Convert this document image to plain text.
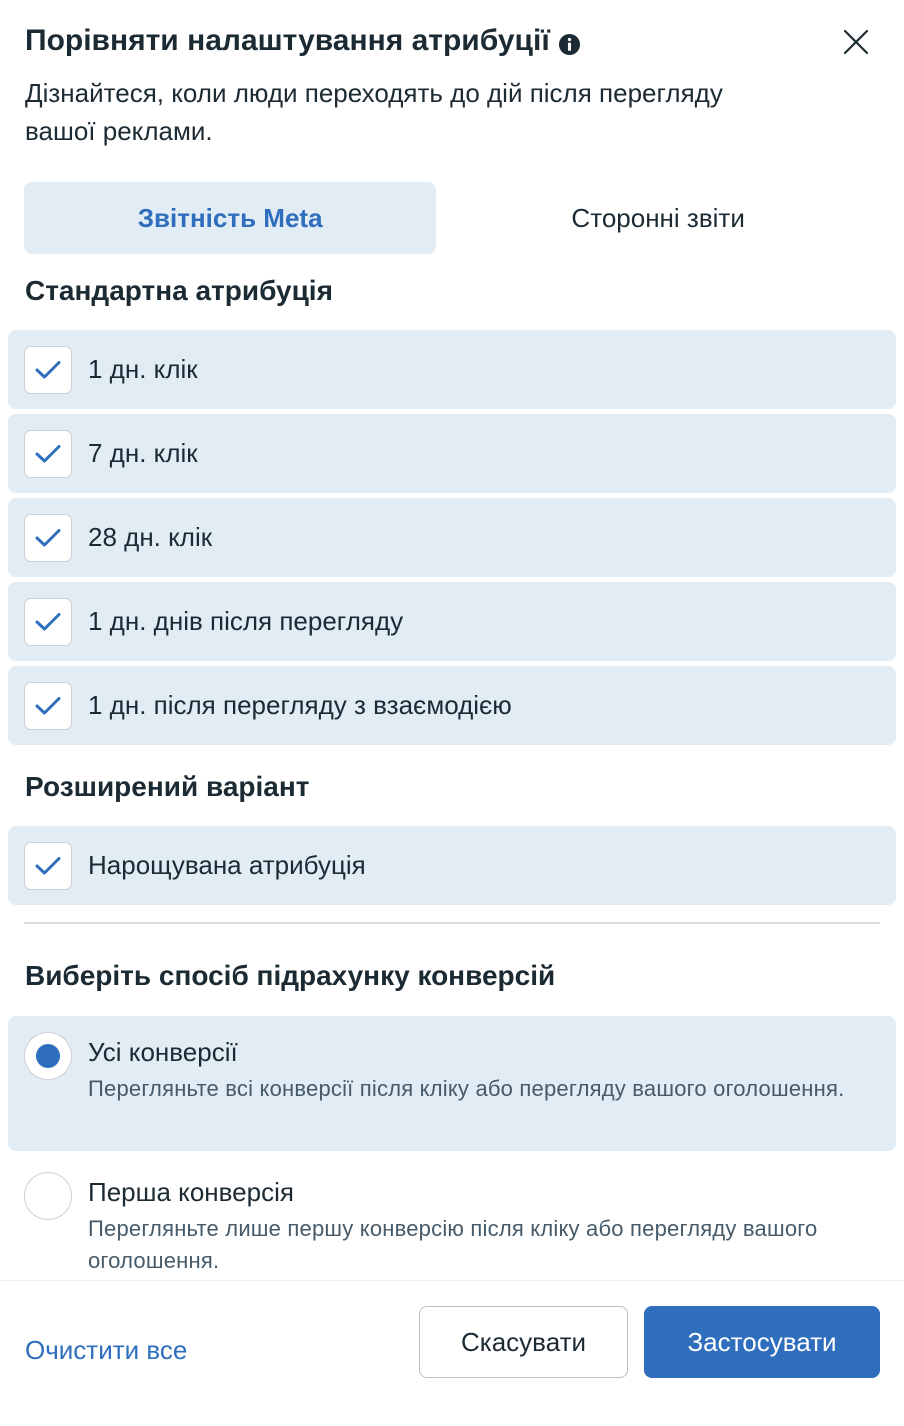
Порівняти налаштування атрибуції
Дізнайтеся, коли люди переходять до дій після перегляду вашої реклами.
Звітність Meta	Сторонні звіти
Стандартна атрибуція
1 дн. клік
7 дн. клік
28 дн. клік
1 дн. днів після перегляду
1 дн. після перегляду з взаємодією
Розширений варіант
Нарощувана атрибуція
Виберіть спосіб підрахунку конверсій
Усі конверсії
Перегляньте всі конверсії після кліку або перегляду вашого оголошення.
Перша конверсія
Перегляньте лише першу конверсію після кліку або перегляду вашого оголошення.
Очистити все	Скасувати	Застосувати
